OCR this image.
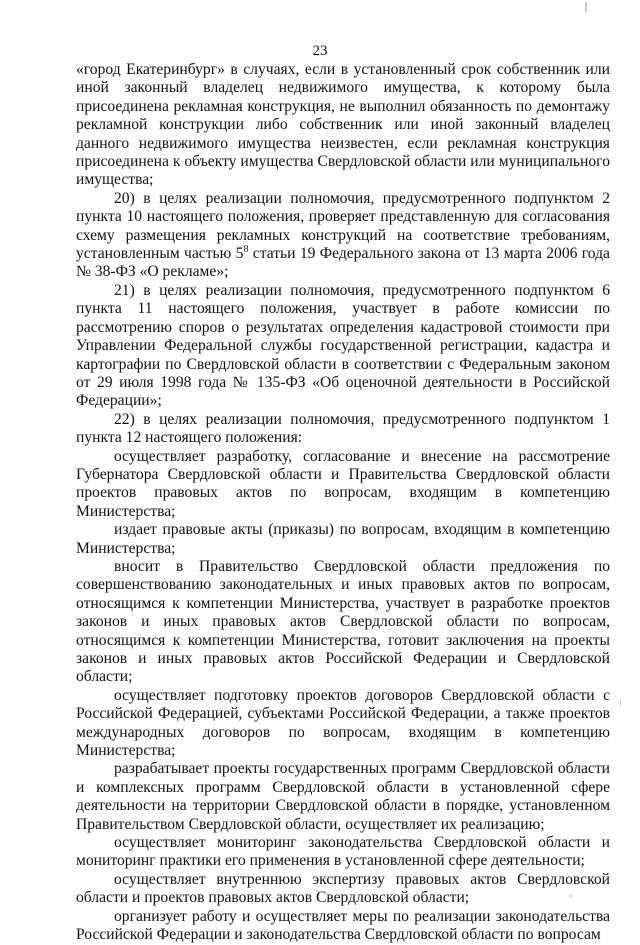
23

«город Екатеринбург» в случаях, если в установленный срок собственник или иной законный владелец недвижимого имущества, к которому была присоединена рекламная конструкция, не выполнил обязанность по демонтажу рекламной конструкции либо собственник или иной законный владелец данного недвижимого имущества неизвестен, если рекламная конструкция присоединена к объекту имущества Свердловской области или муниципального имущества;

20) в целях реализации полномочия, предусмотренного подпунктом 2 пункта 10 настоящего положения, проверяет представленную для согласования схему размещения рекламных конструкций на соответствие требованиям, установленным частью $5^8$ статьи 19 Федерального закона от 13 марта 2006 года № 38-ФЗ «О рекламе»;

21) в целях реализации полномочия, предусмотренного подпунктом 6 пункта 11 настоящего положения, участвует в работе комиссии по рассмотрению споров о результатах определения кадастровой стоимости при Управлении Федеральной службы государственной регистрации, кадастра и картографии по Свердловской области в соответствии с Федеральным законом от 29 июля 1998 года № 135-ФЗ «Об оценочной деятельности в Российской Федерации»;

22) в целях реализации полномочия, предусмотренного подпунктом 1 пункта 12 настоящего положения:

осуществляет разработку, согласование и внесение на рассмотрение Губернатора Свердловской области и Правительства Свердловской области проектов правовых актов по вопросам, входящим в компетенцию Министерства;

издает правовые акты (приказы) по вопросам, входящим в компетенцию Министерства;

вносит в Правительство Свердловской области предложения по совершенствованию законодательных и иных правовых актов по вопросам, относящимся к компетенции Министерства, участвует в разработке проектов законов и иных правовых актов Свердловской области по вопросам, относящимся к компетенции Министерства, готовит заключения на проекты законов и иных правовых актов Российской Федерации и Свердловской области;

осуществляет подготовку проектов договоров Свердловской области с Российской Федерацией, субъектами Российской Федерации, а также проектов международных договоров по вопросам, входящим в компетенцию Министерства;

разрабатывает проекты государственных программ Свердловской области и комплексных программ Свердловской области в установленной сфере деятельности на территории Свердловской области в порядке, установленном Правительством Свердловской области, осуществляет их реализацию;

осуществляет мониторинг законодательства Свердловской области и мониторинг практики его применения в установленной сфере деятельности;

осуществляет внутреннюю экспертизу правовых актов Свердловской области и проектов правовых актов Свердловской области;

организует работу и осуществляет меры по реализации законодательства Российской Федерации и законодательства Свердловской области по вопросам
